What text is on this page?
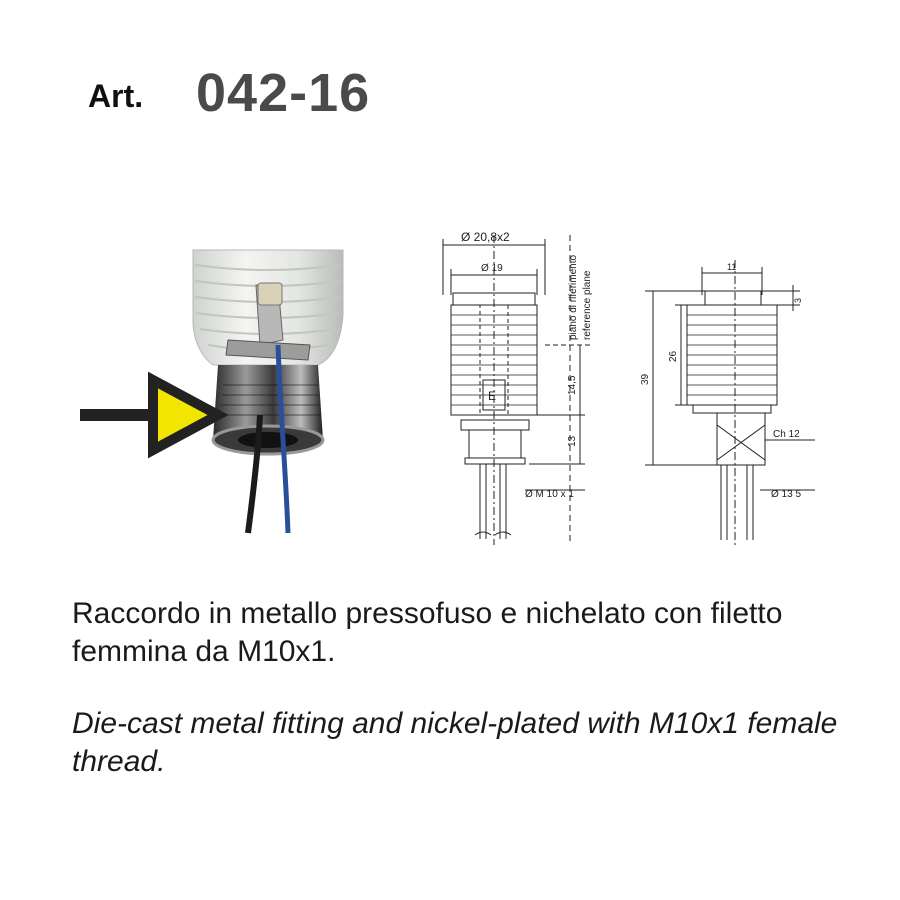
Art. 042-16
E
Ø 20,8x2
Ø 19	piano di riferimento reference plane
14,5
13
Ø M 10 x 1
11
3
26
39
Ch 12
Ø 13 5
Raccordo in metallo pressofuso e nichelato con filetto femmina da M10x1.
Die-cast metal fitting and nickel-plated with M10x1 female thread.
